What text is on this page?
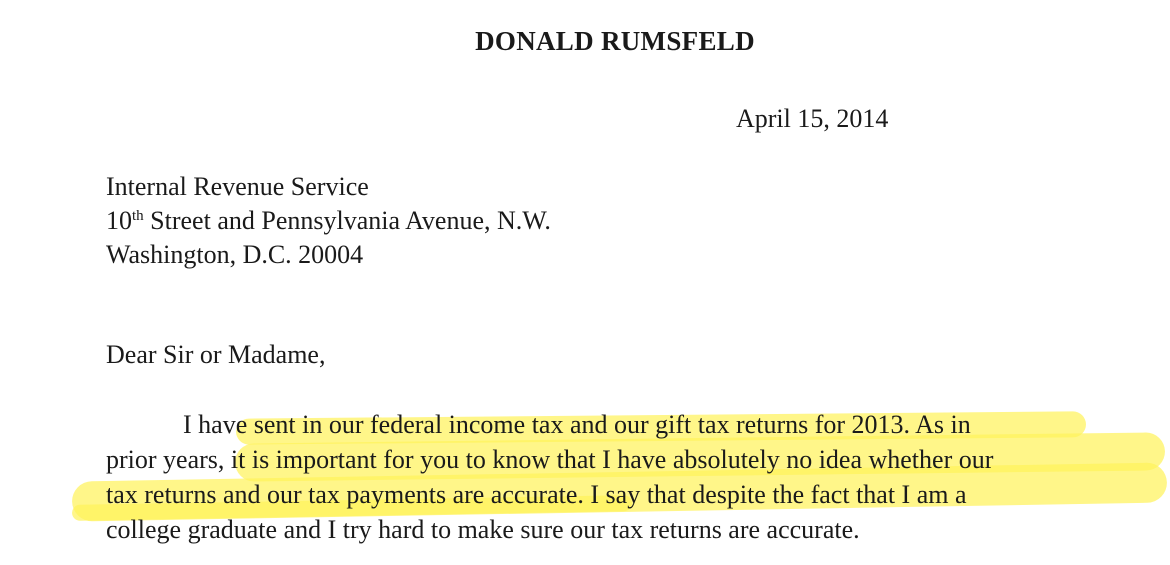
DONALD RUMSFELD
April 15, 2014
Internal Revenue Service
10th Street and Pennsylvania Avenue, N.W.
Washington, D.C. 20004
Dear Sir or Madame,
I have sent in our federal income tax and our gift tax returns for 2013. As in
prior years, it is important for you to know that I have absolutely no idea whether our
tax returns and our tax payments are accurate. I say that despite the fact that I am a
college graduate and I try hard to make sure our tax returns are accurate.
